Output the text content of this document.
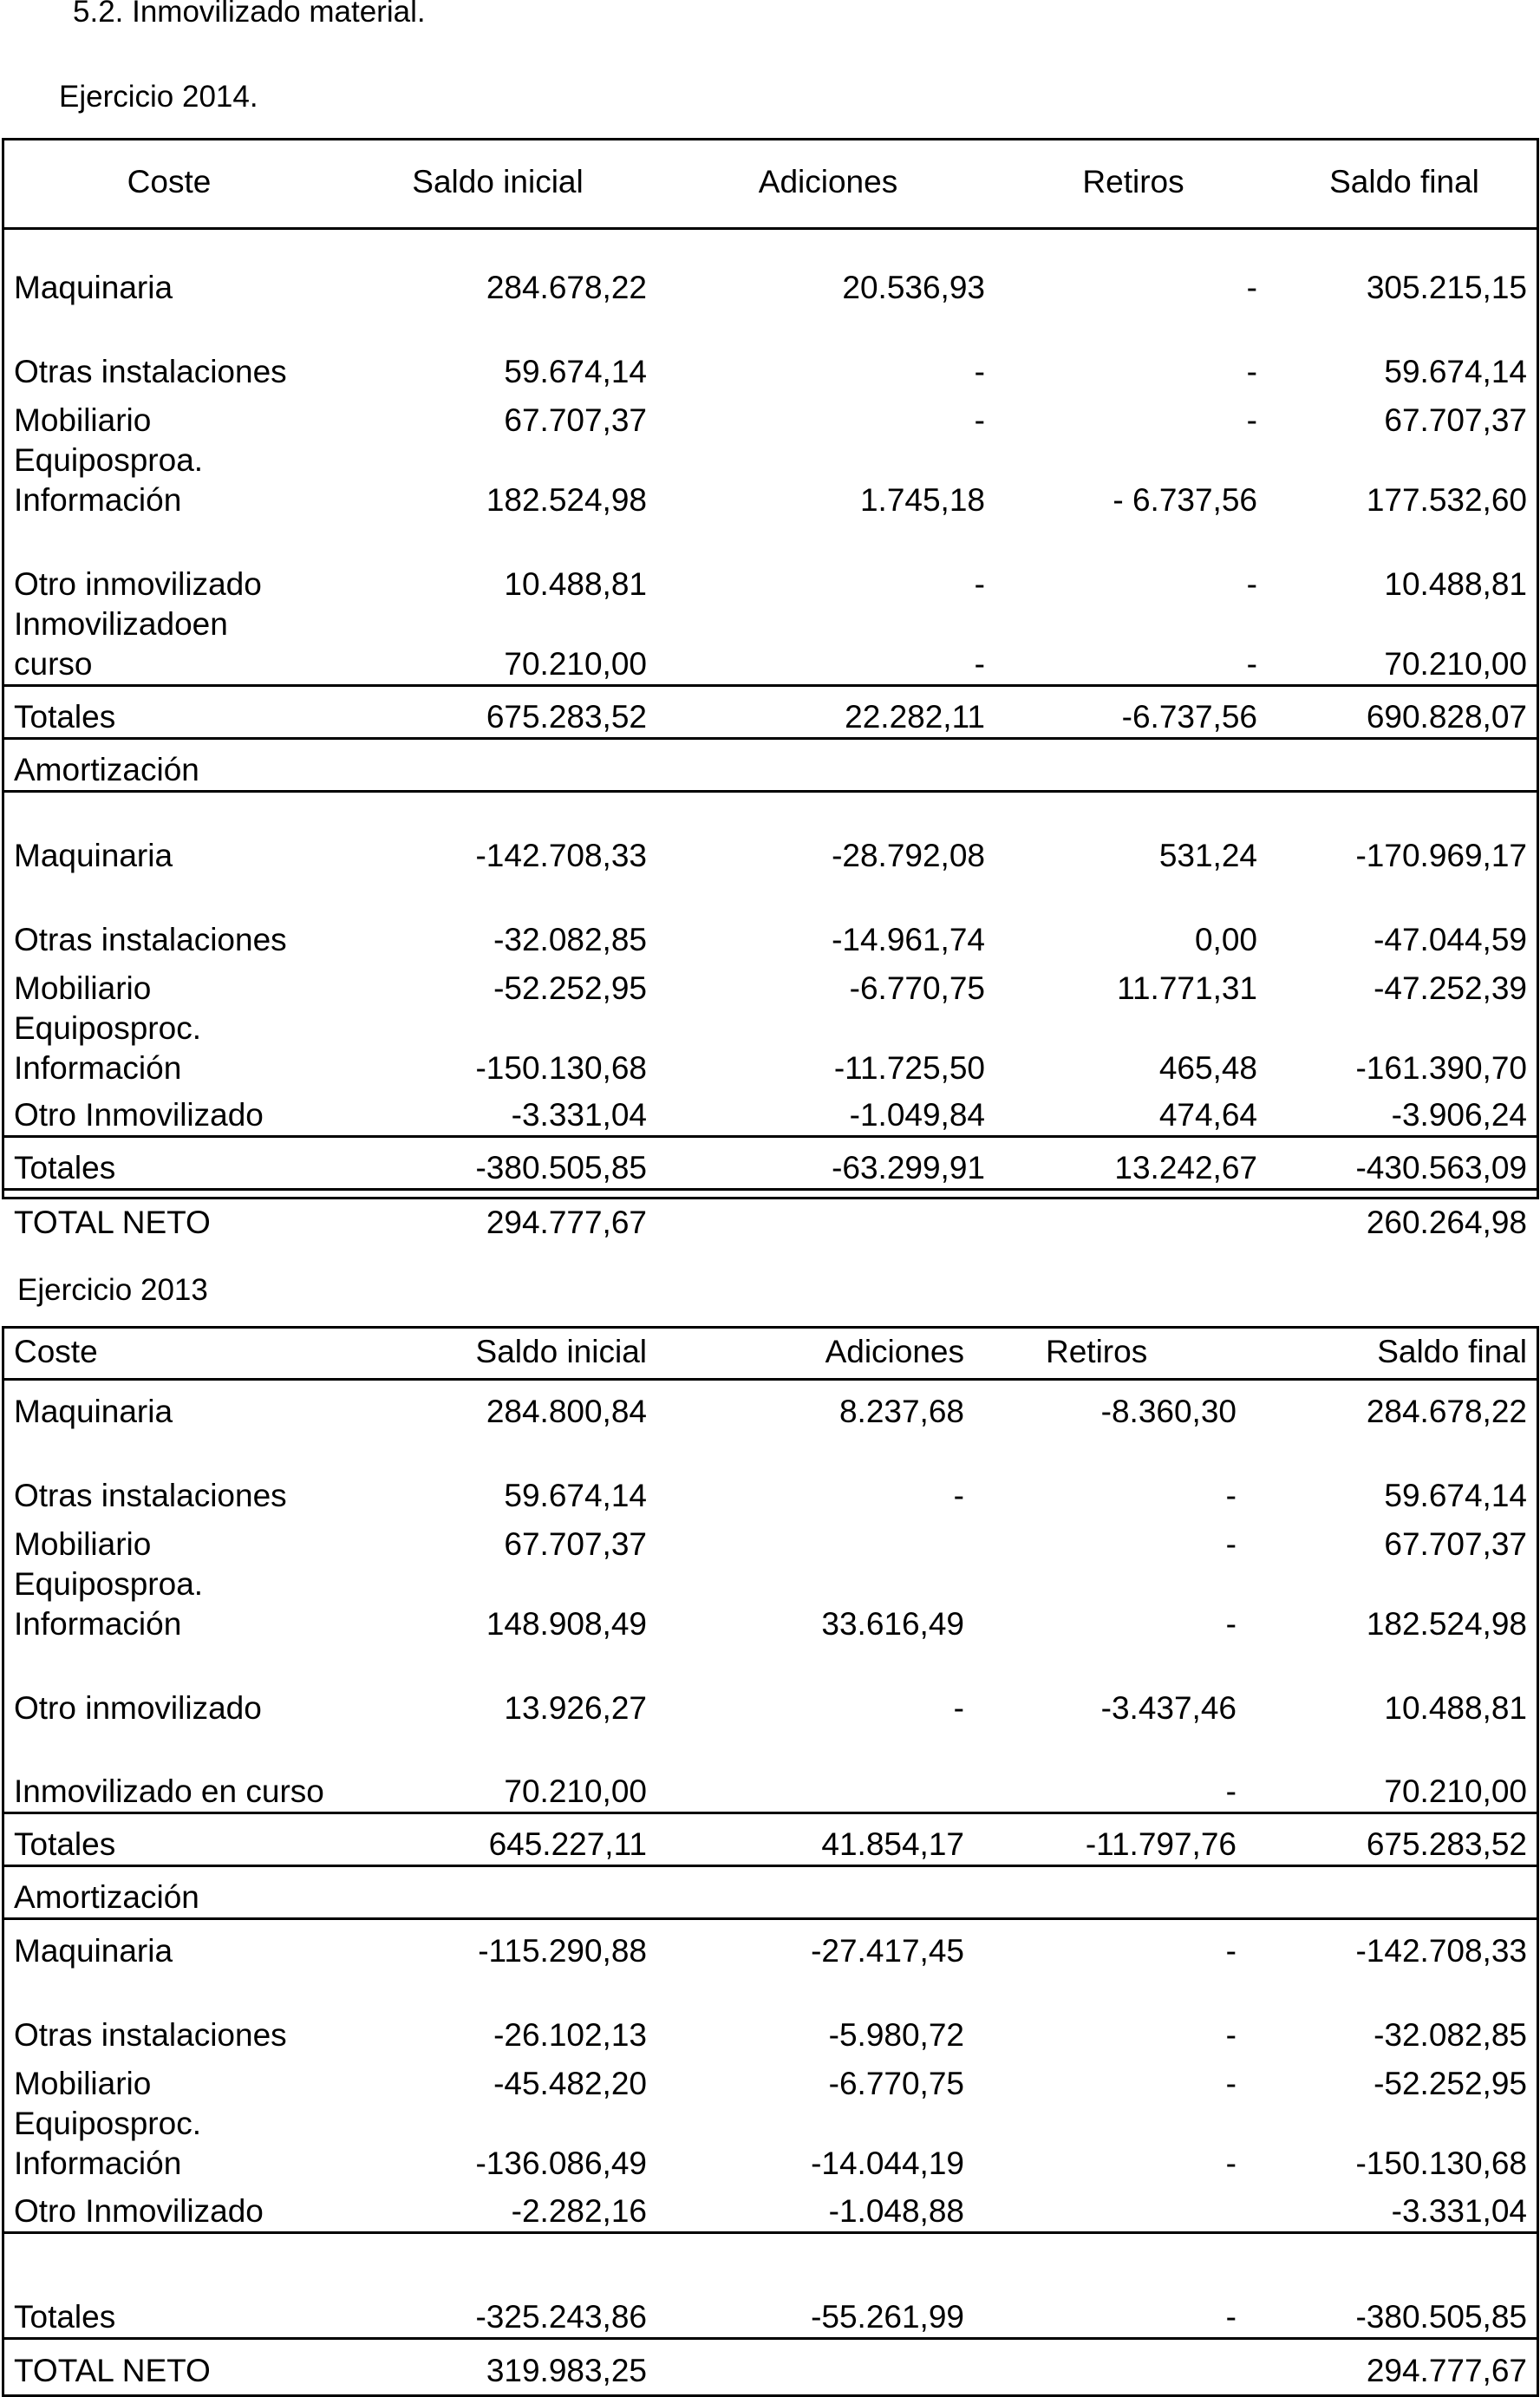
5.2. Inmovilizado material.
Ejercicio 2014.
Ejercicio 2013
Coste	Saldo inicial	Adiciones	Retiros	Saldo final
Maquinaria	284.678,22	20.536,93	-	305.215,15
Otras instalaciones	59.674,14	-	-	59.674,14
Mobiliario	67.707,37	-	-	67.707,37

Equipos proa.
Información	182.524,98	1.745,18	- 6.737,56	177.532,60
Otro inmovilizado	10.488,81	-	-	10.488,81

Inmovilizado en
curso	70.210,00	-	-	70.210,00
Totales	675.283,52	22.282,11	-6.737,56	690.828,07
Amortización				
Maquinaria	-142.708,33	-28.792,08	531,24	-170.969,17
Otras instalaciones	-32.082,85	-14.961,74	0,00	-47.044,59
Mobiliario	-52.252,95	-6.770,75	11.771,31	-47.252,39

Equipos proc.
Información	-150.130,68	-11.725,50	465,48	-161.390,70
Otro Inmovilizado	-3.331,04	-1.049,84	474,64	-3.906,24
Totales	-380.505,85	-63.299,91	13.242,67	-430.563,09
TOTAL NETO	294.777,67			260.264,98
Coste	Saldo inicial	Adiciones	Retiros	Saldo final
Maquinaria	284.800,84	8.237,68	-8.360,30	284.678,22
Otras instalaciones	59.674,14	-	-	59.674,14
Mobiliario	67.707,37		-	67.707,37

Equipos proa.
Información	148.908,49	33.616,49	-	182.524,98
Otro inmovilizado	13.926,27	-	-3.437,46	10.488,81
Inmovilizado en curso	70.210,00		-	70.210,00
Totales	645.227,11	41.854,17	-11.797,76	675.283,52
Amortización				
Maquinaria	-115.290,88	-27.417,45	-	-142.708,33
Otras instalaciones	-26.102,13	-5.980,72	-	-32.082,85
Mobiliario	-45.482,20	-6.770,75	-	-52.252,95

Equipos proc.
Información	-136.086,49	-14.044,19	-	-150.130,68
Otro Inmovilizado	-2.282,16	-1.048,88		-3.331,04
Totales	-325.243,86	-55.261,99	-	-380.505,85
TOTAL NETO	319.983,25			294.777,67
